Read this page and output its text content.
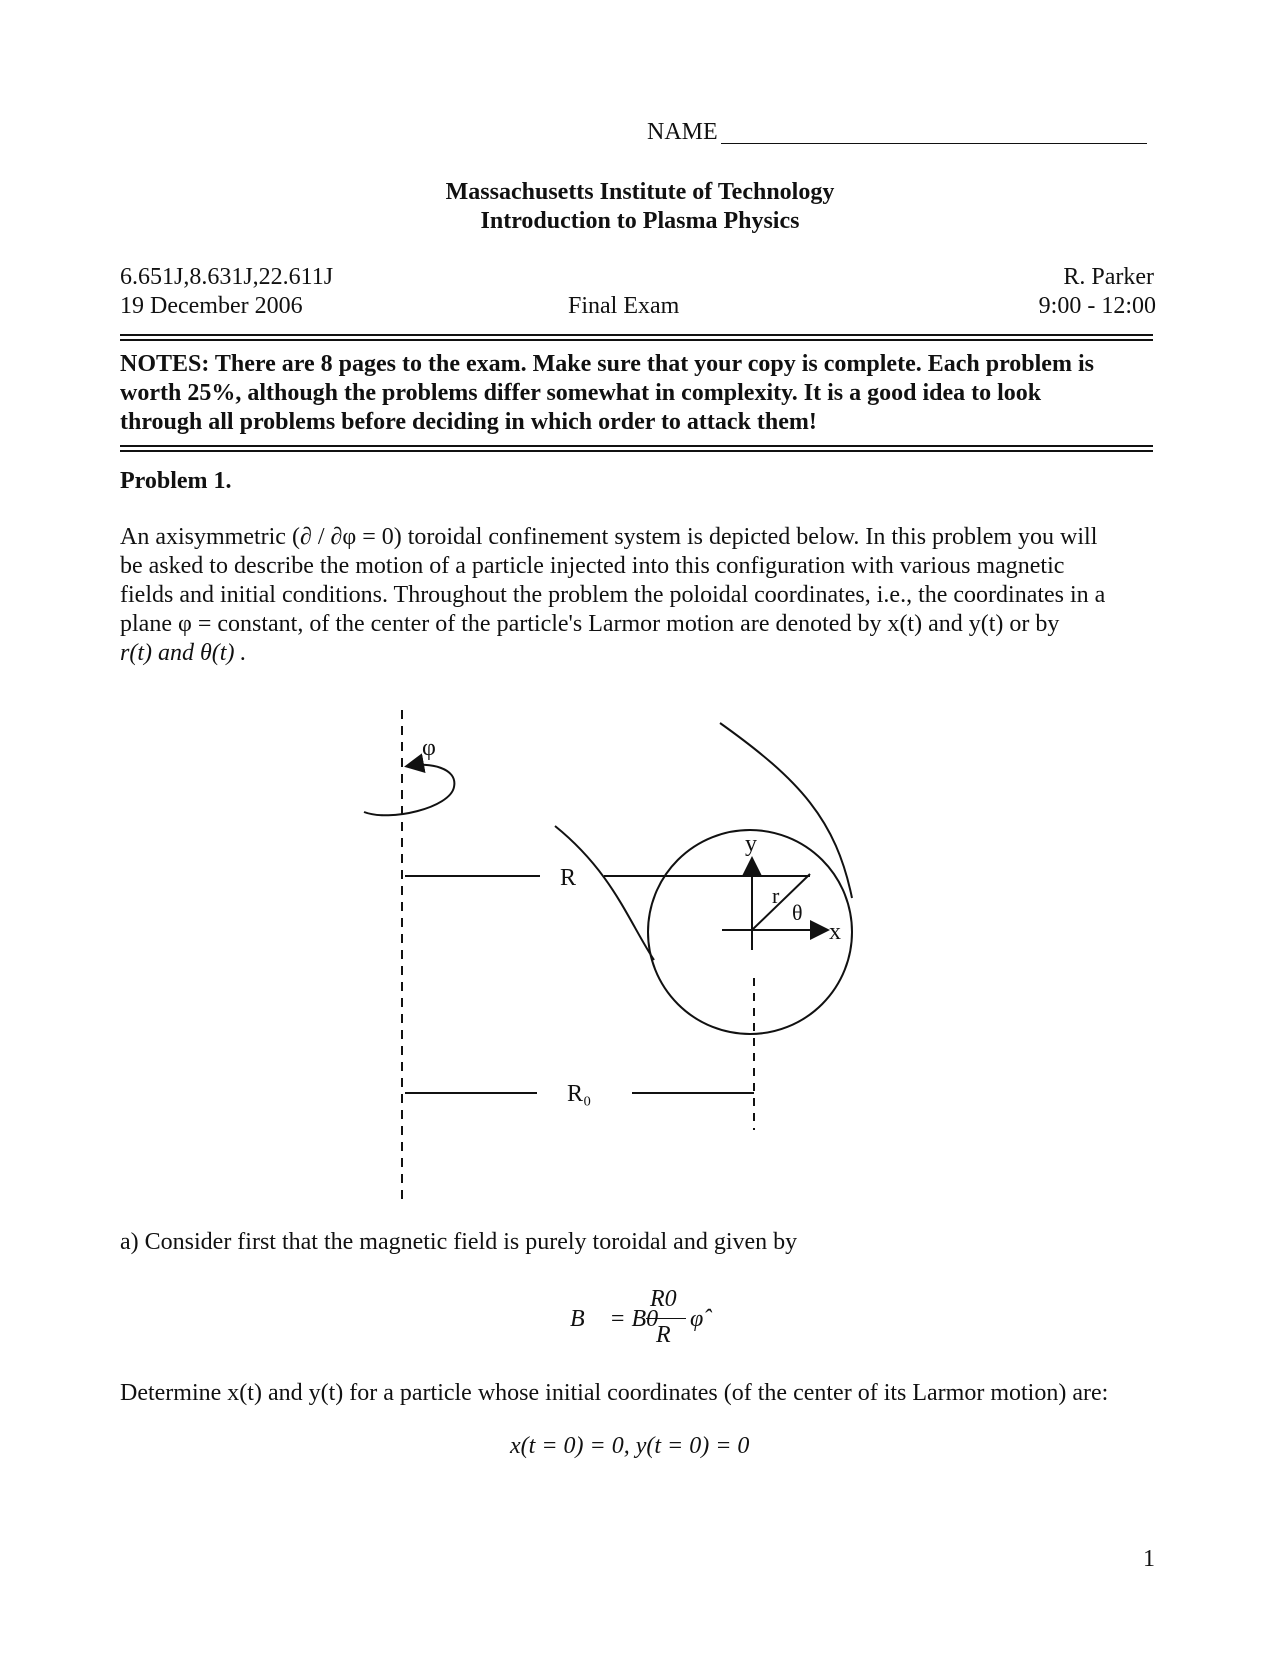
NAME
Massachusetts Institute of Technology
Introduction to Plasma Physics
6.651J,8.631J,22.611J
19 December 2006	Final Exam
R. Parker
9:00 - 12:00
NOTES: There are 8 pages to the exam. Make sure that your copy is complete. Each problem is
worth 25%, although the problems differ somewhat in complexity. It is a good idea to look
through all problems before deciding in which order to attack them!
Problem 1.
An axisymmetric (∂ / ∂φ = 0) toroidal confinement system is depicted below. In this problem you will
be asked to describe the motion of a particle injected into this configuration with various magnetic
fields and initial conditions. Throughout the problem the poloidal coordinates, i.e., the coordinates in a
plane φ = constant, of the center of the particle's Larmor motion are denoted by x(t) and y(t) or by
r(t) and θ(t) .
φ
R
R₀
y
x
r
θ
a) Consider first that the magnetic field is purely toroidal and given by
B⃗ = B0
R0
R
φ̂
Determine x(t) and y(t) for a particle whose initial coordinates (of the center of its Larmor motion) are:
x(t = 0) = 0, y(t = 0) = 0
1
